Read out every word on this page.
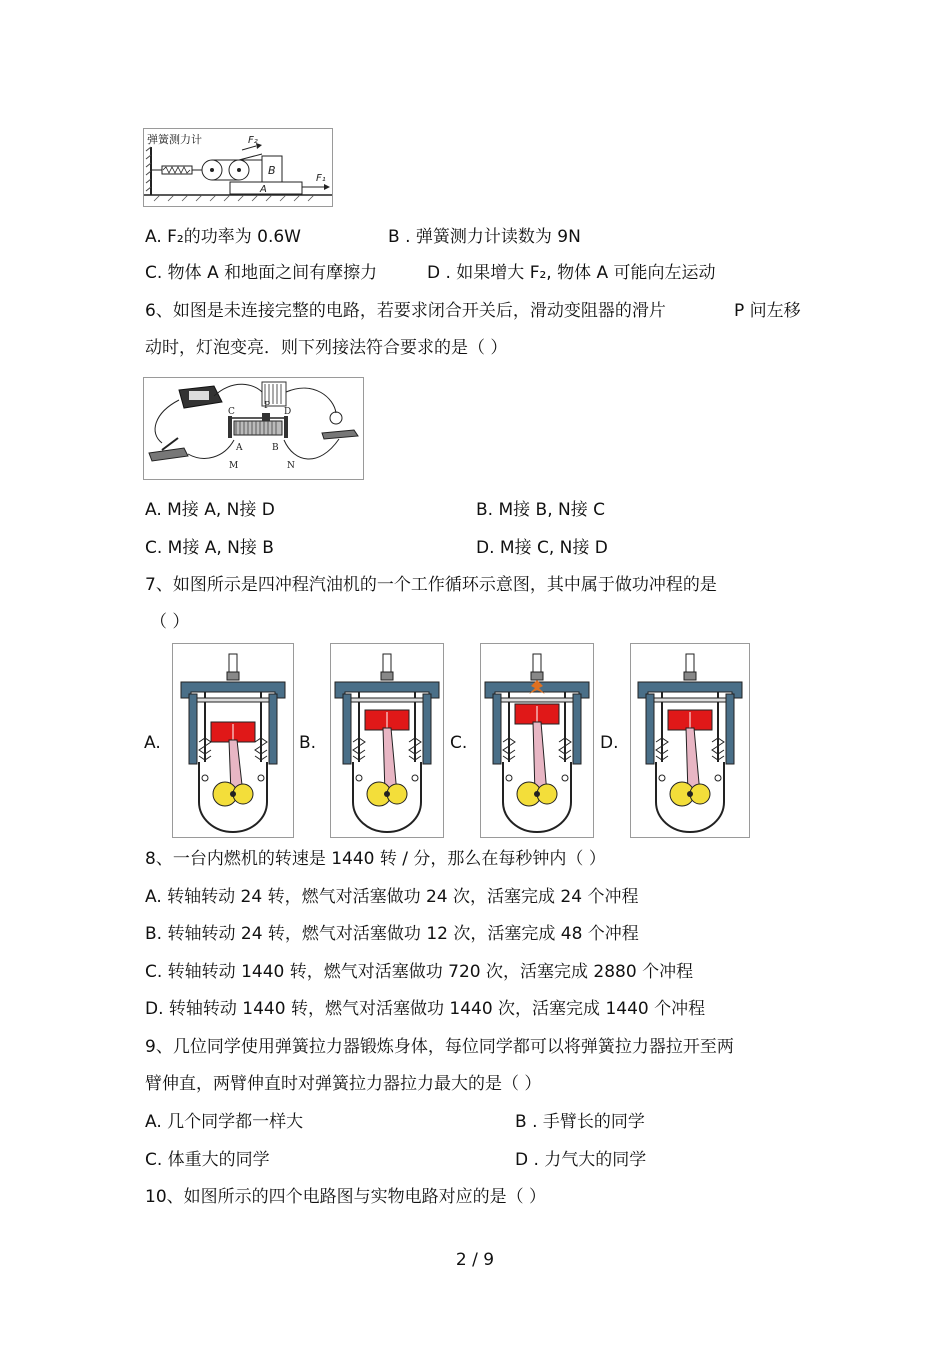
弹簧测力计	F₂
B
A
F₁
A. F₂的功率为 0.6W	B . 弹簧测力计读数为 9N
C. 物体 A 和地面之间有摩擦力	D . 如果增大 F₂, 物体 A 可能向左运动
6、如图是未连接完整的电路，若要求闭合开关后，滑动变阻器的滑片	P 问左移
动时，灯泡变亮．则下列接法符合要求的是（ ）
C
P
D
A	B
M	N
A. M接 A, N接 D	B. M接 B, N接 C
C. M接 A, N接 B	D. M接 C, N接 D
7、如图所示是四冲程汽油机的一个工作循环示意图，其中属于做功冲程的是
（ ）
A.	B.	C.	D.
8、一台内燃机的转速是 1440 转 / 分，那么在每秒钟内（ ）
A. 转轴转动 24 转，燃气对活塞做功 24 次，活塞完成 24 个冲程
B. 转轴转动 24 转，燃气对活塞做功 12 次，活塞完成 48 个冲程
C. 转轴转动 1440 转，燃气对活塞做功 720 次，活塞完成 2880 个冲程
D. 转轴转动 1440 转，燃气对活塞做功 1440 次，活塞完成 1440 个冲程
9、几位同学使用弹簧拉力器锻炼身体，每位同学都可以将弹簧拉力器拉开至两
臂伸直，两臂伸直时对弹簧拉力器拉力最大的是（ ）
A. 几个同学都一样大	B . 手臂长的同学
C. 体重大的同学	D . 力气大的同学
10、如图所示的四个电路图与实物电路对应的是（ ）
2 / 9
